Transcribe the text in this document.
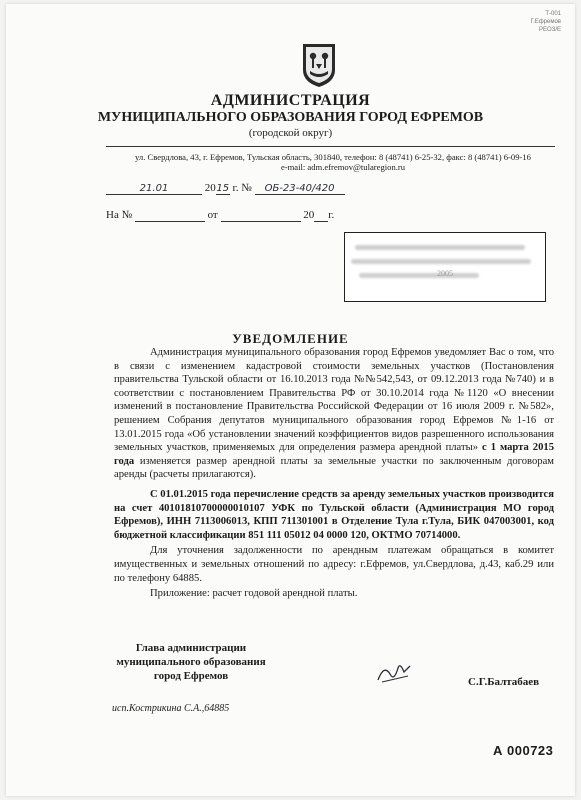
Т-001
Г.Ефремов
РЕОЗ/Е
АДМИНИСТРАЦИЯ
МУНИЦИПАЛЬНОГО ОБРАЗОВАНИЯ ГОРОД ЕФРЕМОВ
(городской округ)
ул. Свердлова, 43, г. Ефремов, Тульская область, 301840, телефон: 8 (48741) 6-25-32, факс: 8 (48741) 6-09-16
e-mail: adm.efremov@tularegion.ru
21.01	2015 г. № ОБ-23-40/420
На №	от	20 г.
2005
УВЕДОМЛЕНИЕ

Администрация муниципального образования город Ефремов уведомляет Вас о том, что в связи с изменением кадастровой стоимости земельных участков (Постановления правительства Тульской области от 16.10.2013 года №№542,543, от 09.12.2013 года №740) и в соответствии с постановлением Правительства РФ от 30.10.2014 года №1120 «О внесении изменений в постановление Правительства Российской Федерации от 16 июля 2009 г. №582», решением Собрания депутатов муниципального образования город Ефремов №1-16 от 13.01.2015 года «Об установлении значений коэффициентов видов разрешенного использования земельных участков, применяемых для определения размера арендной платы» с 1 марта 2015 года изменяется размер арендной платы за земельные участки по заключенным договорам аренды (расчеты прилагаются).

С 01.01.2015 года перечисление средств за аренду земельных участков производится на счет 40101810700000010107 УФК по Тульской области (Администрация МО город Ефремов), ИНН 7113006013, КПП 711301001 в Отделение Тула г.Тула, БИК 047003001, код бюджетной классификации 851 111 05012 04 0000 120, ОКТМО 70714000.

Для уточнения задолженности по арендным платежам обращаться в комитет имущественных и земельных отношений по адресу: г.Ефремов, ул.Свердлова, д.43, каб.29 или по телефону 64885.

Приложение: расчет годовой арендной платы.

Глава администрации
муниципального образования
город Ефремов	С.Г.Балтабаев
исп.Кострикина С.А.,64885
А 000723
